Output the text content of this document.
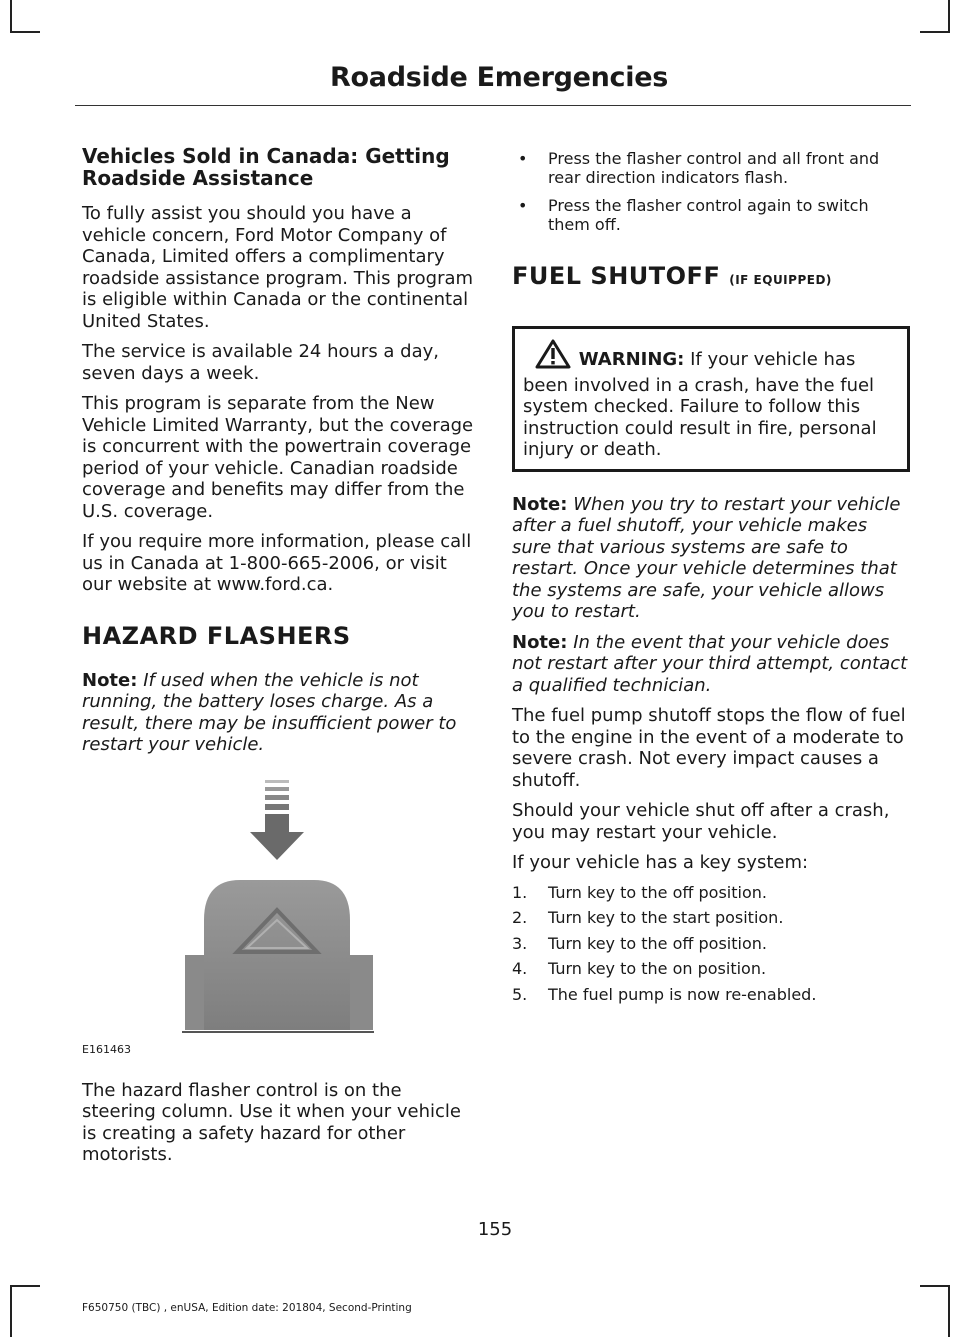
Roadside Emergencies
Vehicles Sold in Canada: Getting Roadside Assistance

To fully assist you should you have a vehicle concern, Ford Motor Company of Canada, Limited offers a complimentary roadside assistance program. This program is eligible within Canada or the continental United States.

The service is available 24 hours a day, seven days a week.

This program is separate from the New Vehicle Limited Warranty, but the coverage is concurrent with the powertrain coverage period of your vehicle. Canadian roadside coverage and benefits may differ from the U.S. coverage.

If you require more information, please call us in Canada at 1-800-665-2006, or visit our website at www.ford.ca.

HAZARD FLASHERS

Note: If used when the vehicle is not running, the battery loses charge. As a result, there may be insufficient power to restart your vehicle.

E161463

The hazard flasher control is on the steering column. Use it when your vehicle is creating a safety hazard for other motorists.

• Press the flasher control and all front and rear direction indicators flash.
• Press the flasher control again to switch them off.
FUEL SHUTOFF (IF EQUIPPED)

WARNING: If your vehicle has been involved in a crash, have the fuel system checked. Failure to follow this instruction could result in fire, personal injury or death.

Note: When you try to restart your vehicle after a fuel shutoff, your vehicle makes sure that various systems are safe to restart. Once your vehicle determines that the systems are safe, your vehicle allows you to restart.

Note: In the event that your vehicle does not restart after your third attempt, contact a qualified technician.

The fuel pump shutoff stops the flow of fuel to the engine in the event of a moderate to severe crash. Not every impact causes a shutoff.

Should your vehicle shut off after a crash, you may restart your vehicle.

If your vehicle has a key system:

1. Turn key to the off position.
2. Turn key to the start position.
3. Turn key to the off position.
4. Turn key to the on position.
5. The fuel pump is now re-enabled.
155
F650750 (TBC) , enUSA, Edition date: 201804, Second-Printing
